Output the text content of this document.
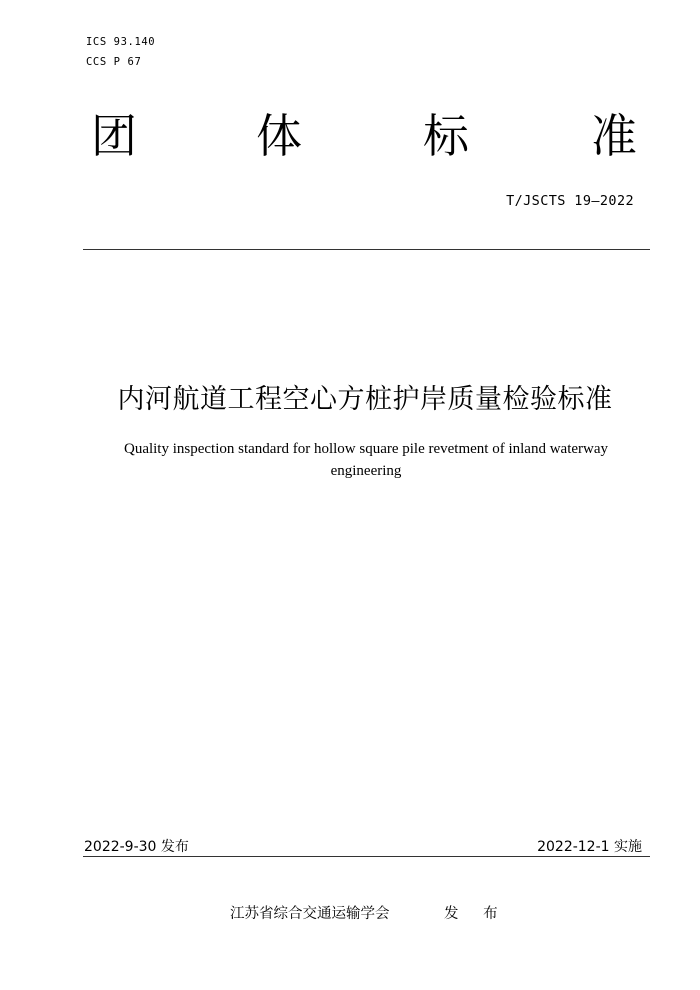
ICS 93.140
CCS P 67
团	体	标	准
T/JSCTS 19—2022
内河航道工程空心方桩护岸质量检验标准
Quality inspection standard for hollow square pile revetment of inland waterway engineering
2022-9-30 发布	2022-12-1 实施
江苏省综合交通运输学会	发 布
